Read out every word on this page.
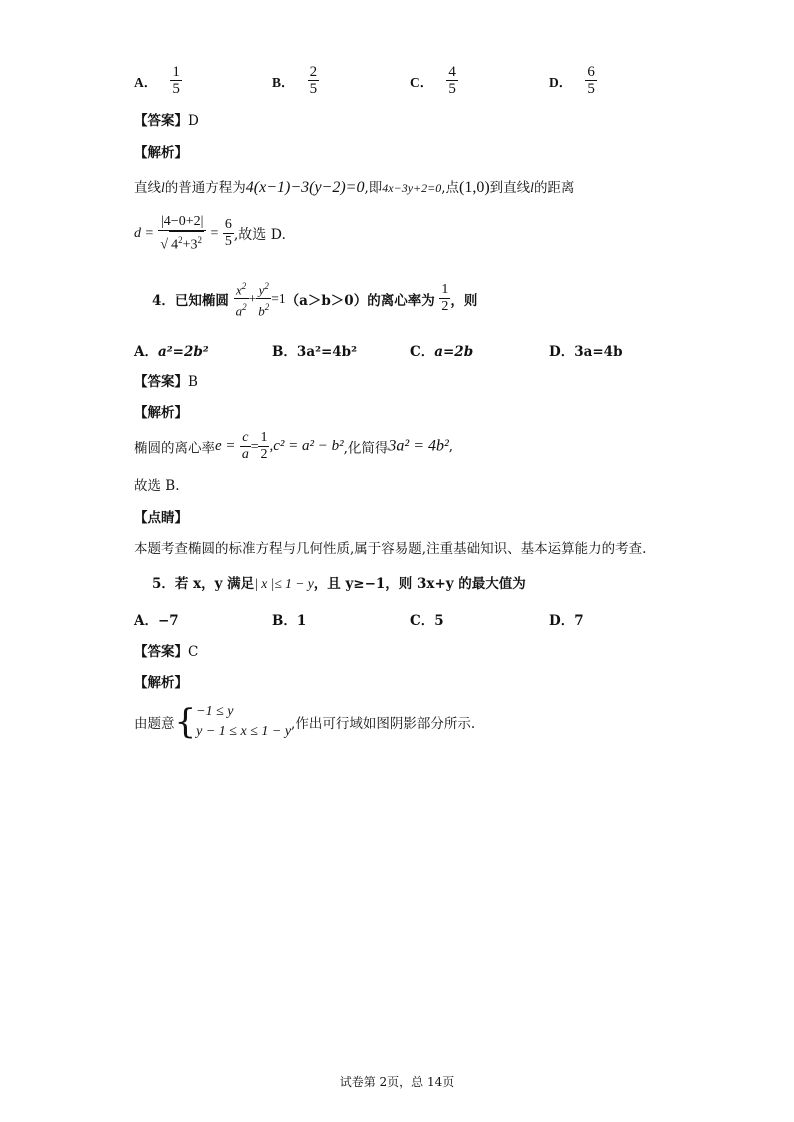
A． $\frac{1}{5}$	B． $\frac{2}{5}$	C． $\frac{4}{5}$	D． $\frac{6}{5}$
【答案】D
【解析】
直线l的普通方程为4(x−1)−3(y−2)=0,即4x−3y+2=0,点(1,0)到直线l的距离
$d = \frac{|4-0+2|}{√ 4^2+3^2} = \frac{6}{5}$ ,故选 D.
4．已知椭圆 $\frac{x^2}{a^2} + \frac{y^2}{b^2} =1(a>b>0)$的离心率为 $\frac{1}{2}$ ，则
A．a²=2b²	B．3a²=4b²	C．a=2b	D．3a=4b
【答案】B
【解析】
椭圆的离心率$e = \frac{c}{a} = \frac{1}{2} ,c^2 = a^2 - b^2$,化简得3a² = 4b²,
故选 B.
【点睛】
本题考查椭圆的标准方程与几何性质,属于容易题,注重基础知识、基本运算能力的考查.
5．若 x，y 满足| x |≤ 1 − y，且 y≥−1，则 3x+y 的最大值为
A．−7	B．1	C．5	D．7
【答案】C
【解析】
由题意{ −1 ≤ y
y − 1 ≤ x ≤ 1 − y ,作出可行域如图阴影部分所示.
试卷第 2页，总 14页
